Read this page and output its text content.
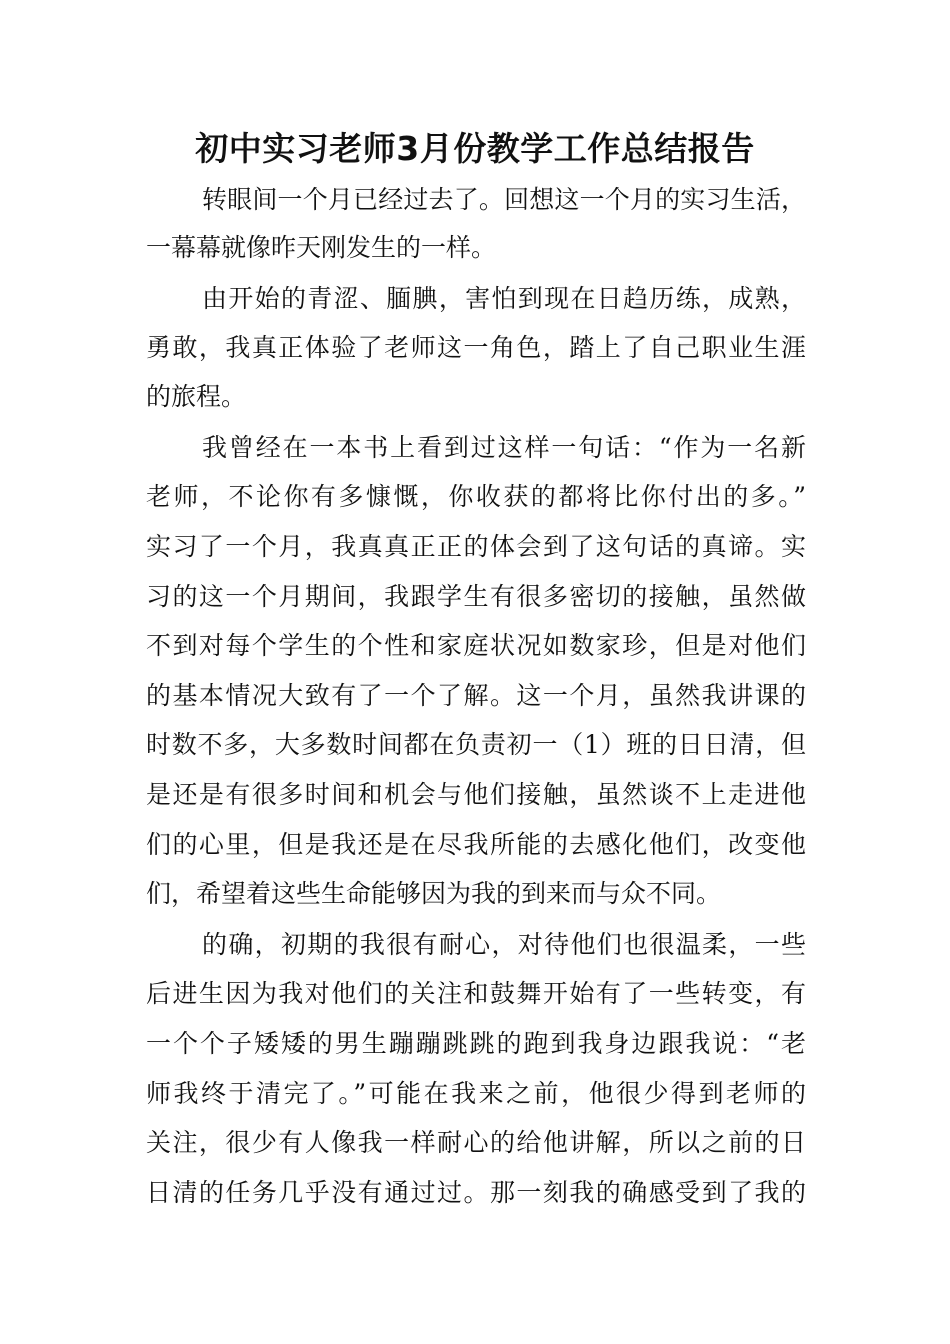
初中实习老师3月份教学工作总结报告
转眼间一个月已经过去了。回想这一个月的实习生活，
一幕幕就像昨天刚发生的一样。
由开始的青涩、腼腆，害怕到现在日趋历练，成熟，
勇敢，我真正体验了老师这一角色，踏上了自己职业生涯
的旅程。
我曾经在一本书上看到过这样一句话：“作为一名新
老师，不论你有多慷慨，你收获的都将比你付出的多。”
实习了一个月，我真真正正的体会到了这句话的真谛。实
习的这一个月期间，我跟学生有很多密切的接触，虽然做
不到对每个学生的个性和家庭状况如数家珍，但是对他们
的基本情况大致有了一个了解。这一个月，虽然我讲课的
时数不多，大多数时间都在负责初一（1）班的日日清，但
是还是有很多时间和机会与他们接触，虽然谈不上走进他
们的心里，但是我还是在尽我所能的去感化他们，改变他
们，希望着这些生命能够因为我的到来而与众不同。
的确，初期的我很有耐心，对待他们也很温柔，一些
后进生因为我对他们的关注和鼓舞开始有了一些转变，有
一个个子矮矮的男生蹦蹦跳跳的跑到我身边跟我说：“老
师我终于清完了。”可能在我来之前，他很少得到老师的
关注，很少有人像我一样耐心的给他讲解，所以之前的日
日清的任务几乎没有通过过。那一刻我的确感受到了我的
